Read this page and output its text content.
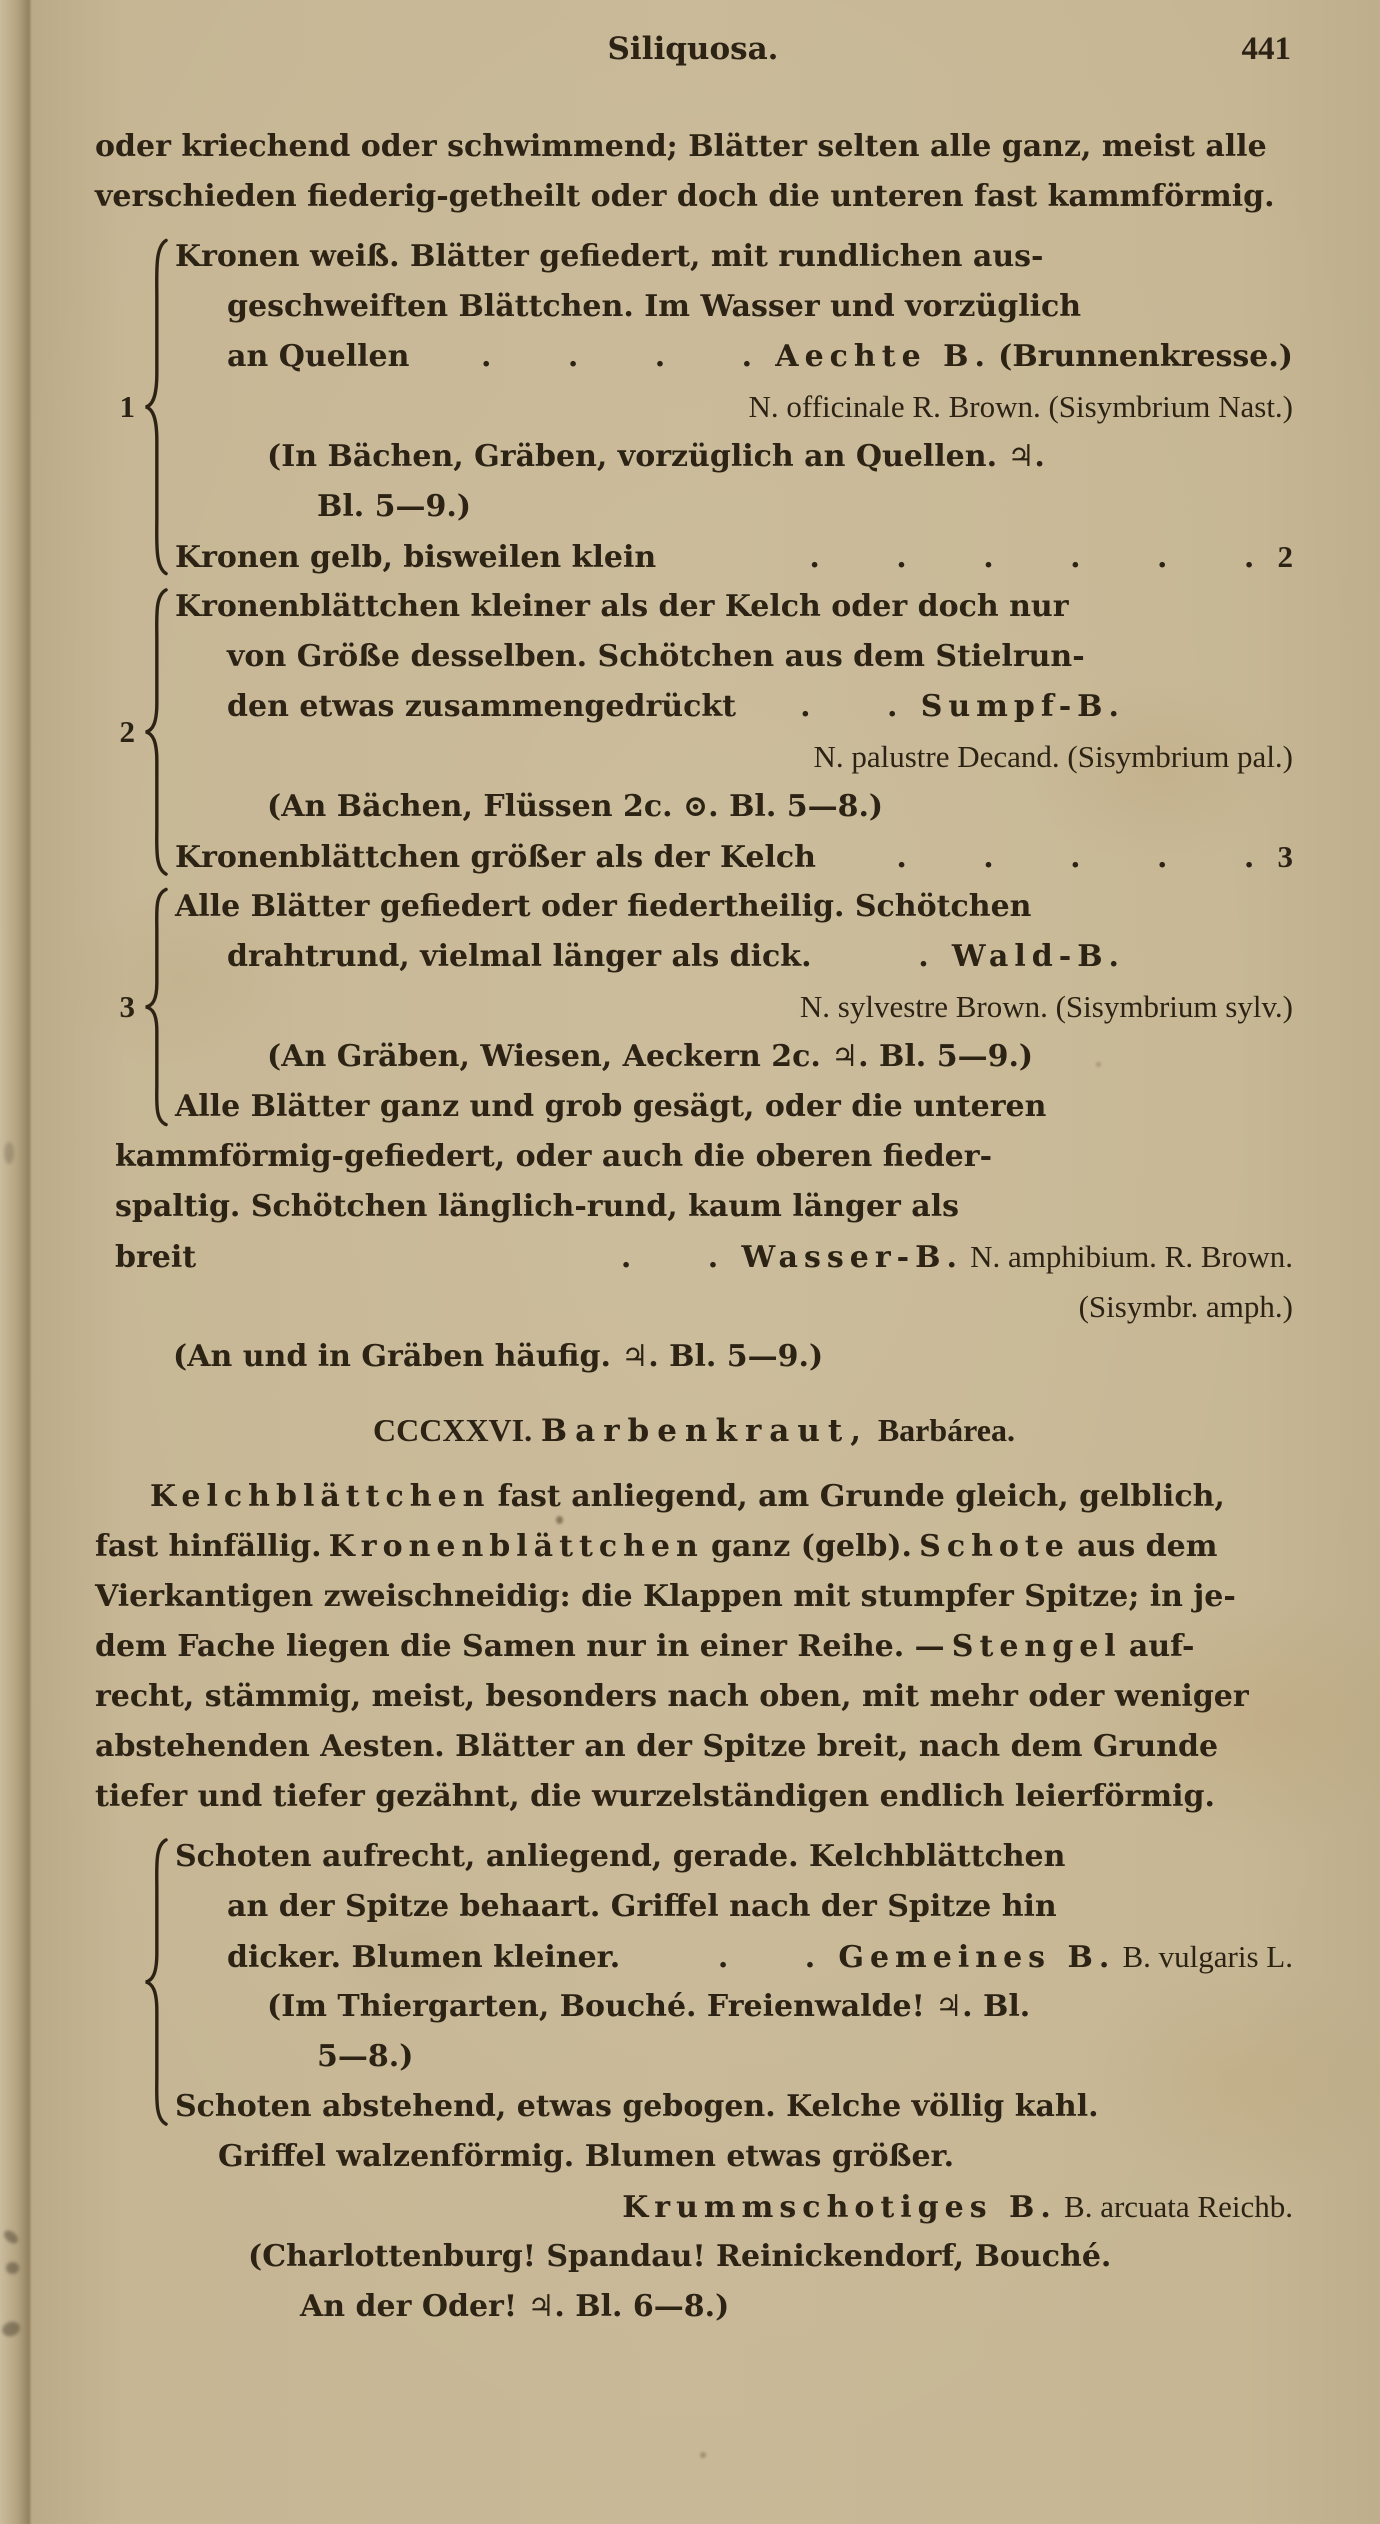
Siliquosa.	441
oder kriechend oder schwimmend; Blätter selten alle ganz, meist alle
verschieden fiederig-getheilt oder doch die unteren fast kammförmig.
1
Kronen weiß. Blätter gefiedert, mit rundlichen aus-
geschweiften Blättchen. Im Wasser und vorzüglich
an Quellen	. . . . Aechte B. (Brunnenkresse.)
N. officinale R. Brown. (Sisymbrium Nast.)
(In Bächen, Gräben, vorzüglich an Quellen. ♃.
Bl. 5—9.)
Kronen gelb, bisweilen klein	. . . . . . 2
2
Kronenblättchen kleiner als der Kelch oder doch nur
von Größe desselben. Schötchen aus dem Stielrun-
den etwas zusammengedrückt	. . Sumpf-B.
N. palustre Decand. (Sisymbrium pal.)
(An Bächen, Flüssen 2c. ⊙. Bl. 5—8.)
Kronenblättchen größer als der Kelch	. . . . . 3
3
Alle Blätter gefiedert oder fiedertheilig. Schötchen
drahtrund, vielmal länger als dick.	. Wald-B.
N. sylvestre Brown. (Sisymbrium sylv.)
(An Gräben, Wiesen, Aeckern 2c. ♃. Bl. 5—9.)
Alle Blätter ganz und grob gesägt, oder die unteren
kammförmig-gefiedert, oder auch die oberen fieder-
spaltig. Schötchen länglich-rund, kaum länger als
breit	. . Wasser-B. N. amphibium. R. Brown.
(Sisymbr. amph.)
(An und in Gräben häufig. ♃. Bl. 5—9.)
CCCXXVI. Barbenkraut, Barbárea.
Kelchblättchen fast anliegend, am Grunde gleich, gelblich,
fast hinfällig. Kronenblättchen ganz (gelb). Schote aus dem
Vierkantigen zweischneidig: die Klappen mit stumpfer Spitze; in je-
dem Fache liegen die Samen nur in einer Reihe. — Stengel auf-
recht, stämmig, meist, besonders nach oben, mit mehr oder weniger
abstehenden Aesten. Blätter an der Spitze breit, nach dem Grunde
tiefer und tiefer gezähnt, die wurzelständigen endlich leierförmig.
Schoten aufrecht, anliegend, gerade. Kelchblättchen
an der Spitze behaart. Griffel nach der Spitze hin
dicker. Blumen kleiner.	. . Gemeines B. B. vulgaris L.
(Im Thiergarten, Bouché. Freienwalde! ♃. Bl.
5—8.)
Schoten abstehend, etwas gebogen. Kelche völlig kahl.
Griffel walzenförmig. Blumen etwas größer.
Krummschotiges B. B. arcuata Reichb.
(Charlottenburg! Spandau! Reinickendorf, Bouché.
An der Oder! ♃. Bl. 6—8.)
